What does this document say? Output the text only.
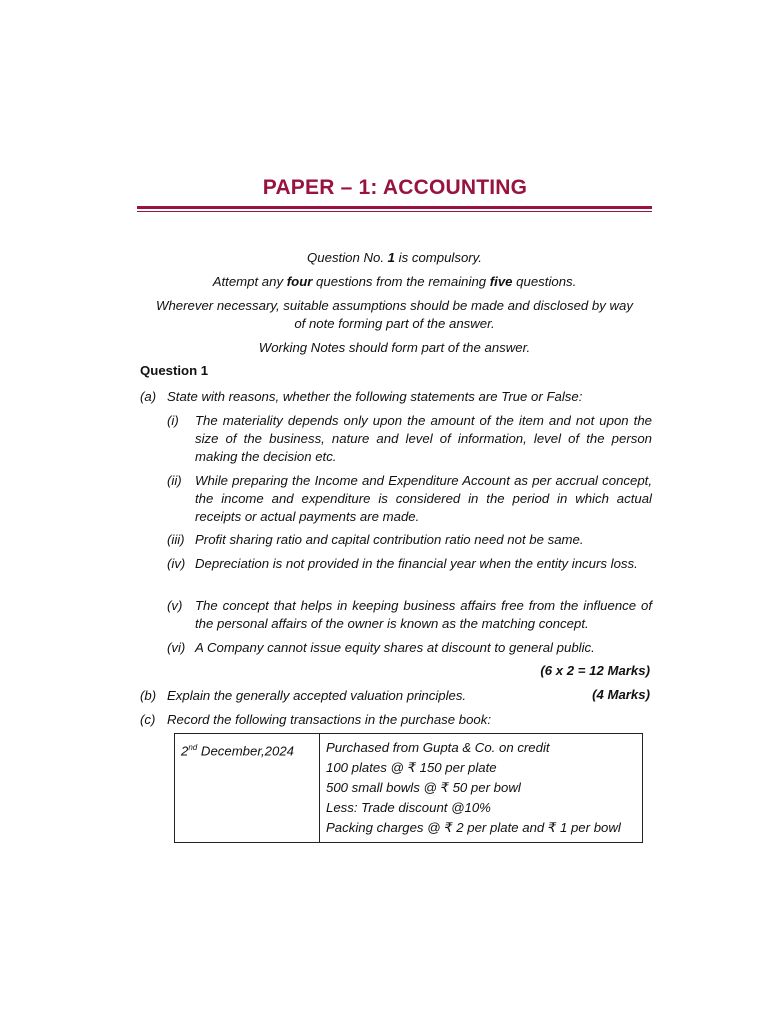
PAPER – 1: ACCOUNTING
Question No. 1 is compulsory.
Attempt any four questions from the remaining five questions.
Wherever necessary, suitable assumptions should be made and disclosed by way
of note forming part of the answer.
Working Notes should form part of the answer.
Question 1
(a) State with reasons, whether the following statements are True or False:
(i)	The materiality depends only upon the amount of the item and not upon the size of the business, nature and level of information, level of the person making the decision etc.
(ii)	While preparing the Income and Expenditure Account as per accrual concept, the income and expenditure is considered in the period in which actual receipts or actual payments are made.
(iii) Profit sharing ratio and capital contribution ratio need not be same.
(iv) Depreciation is not provided in the financial year when the entity incurs loss.
(v) The concept that helps in keeping business affairs free from the influence of the personal affairs of the owner is known as the matching concept.
(vi) A Company cannot issue equity shares at discount to general public.
(6 x 2 = 12 Marks)
(b) Explain the generally accepted valuation principles.	(4 Marks)
(c) Record the following transactions in the purchase book:
2nd December,2024	Purchased from Gupta & Co. on credit
100 plates @ ₹ 150 per plate
500 small bowls @ ₹ 50 per bowl
Less: Trade discount @10%
Packing charges @ ₹ 2 per plate and ₹ 1 per bowl
